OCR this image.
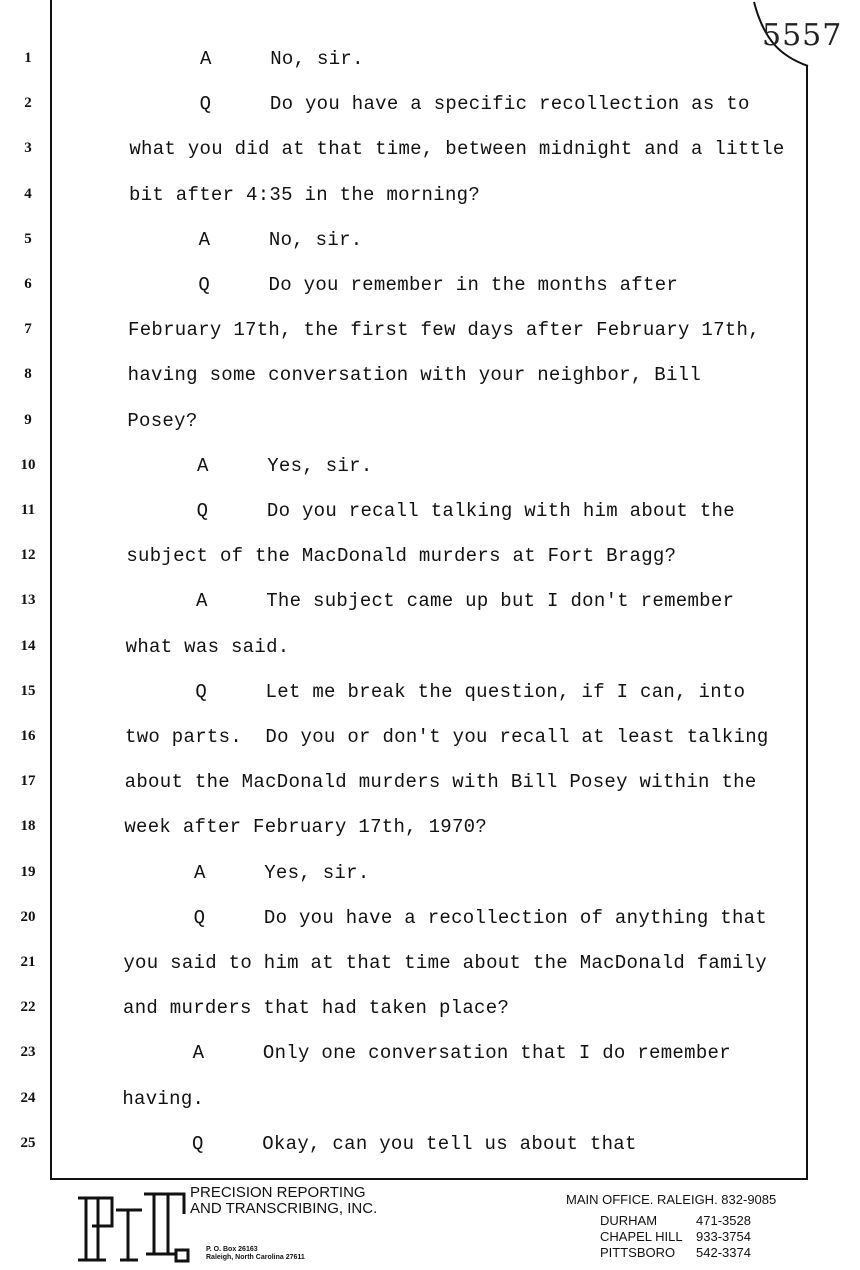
5557
1	A     No, sir.
2	Q     Do you have a specific recollection as to
3	what you did at that time, between midnight and a little
4	bit after 4:35 in the morning?
5	A     No, sir.
6	Q     Do you remember in the months after
7	February 17th, the first few days after February 17th,
8	having some conversation with your neighbor, Bill
9	Posey?
10	A     Yes, sir.
11	Q     Do you recall talking with him about the
12	subject of the MacDonald murders at Fort Bragg?
13	A     The subject came up but I don't remember
14	what was said.
15	Q     Let me break the question, if I can, into
16	two parts.  Do you or don't you recall at least talking
17	about the MacDonald murders with Bill Posey within the
18	week after February 17th, 1970?
19	A     Yes, sir.
20	Q     Do you have a recollection of anything that
21	you said to him at that time about the MacDonald family
22	and murders that had taken place?
23	A     Only one conversation that I do remember
24	having.
25	Q     Okay, can you tell us about that
PRECISION REPORTING
AND TRANSCRIBING, INC.
P. O. Box 26163
Raleigh, North Carolina 27611
MAIN OFFICE. RALEIGH. 832-9085
DURHAM	471-3528
CHAPEL HILL 933-3754
PITTSBORO 542-3374
